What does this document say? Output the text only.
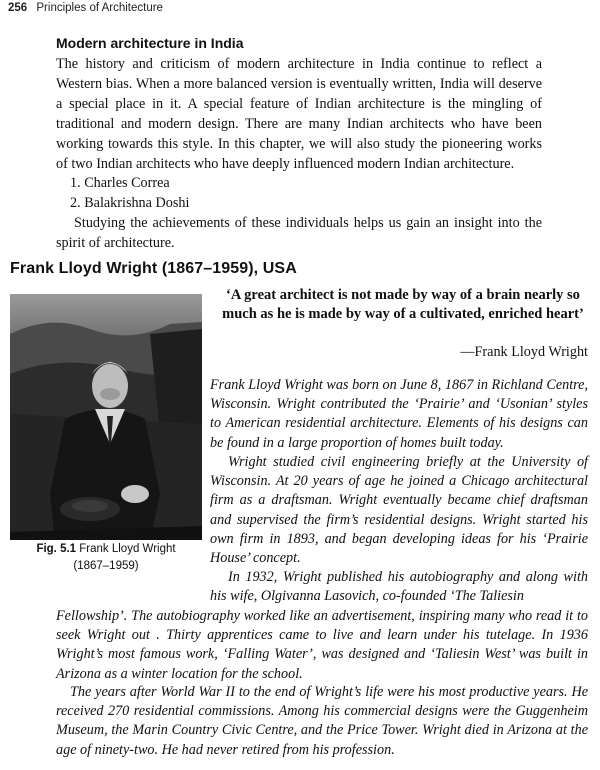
256 Principles of Architecture
Modern architecture in India
The history and criticism of modern architecture in India continue to reflect a Western bias. When a more balanced version is eventually written, India will deserve a special place in it. A special feature of Indian architecture is the mingling of traditional and modern design. There are many Indian architects who have been working towards this style. In this chapter, we will also study the pioneering works of two Indian architects who have deeply influenced modern Indian architecture.
1. Charles Correa
2. Balakrishna Doshi
Studying the achievements of these individuals helps us gain an insight into the spirit of architecture.
Frank Lloyd Wright (1867–1959), USA
Fig. 5.1 Frank Lloyd Wright
(1867–1959)
‘A great architect is not made by way of a brain nearly so much as he is made by way of a cultivated, enriched heart’
—Frank Lloyd Wright
Frank Lloyd Wright was born on June 8, 1867 in Richland Centre, Wisconsin. Wright contributed the ‘Prairie’ and ‘Usonian’ styles to American residential architecture. Elements of his designs can be found in a large proportion of homes built today.
Wright studied civil engineering briefly at the University of Wisconsin. At 20 years of age he joined a Chicago architectural firm as a draftsman. Wright eventually became chief draftsman and supervised the firm’s residential designs. Wright started his own firm in 1893, and began developing ideas for his ‘Prairie House’ concept.
In 1932, Wright published his autobiography and along with his wife, Olgivanna Lasovich, co-founded ‘The Taliesin
Fellowship’. The autobiography worked like an advertisement, inspiring many who read it to seek Wright out . Thirty apprentices came to live and learn under his tutelage. In 1936 Wright’s most famous work, ‘Falling Water’, was designed and ‘Taliesin West’ was built in Arizona as a winter location for the school.
The years after World War II to the end of Wright’s life were his most productive years. He received 270 residential commissions. Among his commercial designs were the Guggenheim Museum, the Marin Country Civic Centre, and the Price Tower. Wright died in Arizona at the age of ninety-two. He had never retired from his profession.
